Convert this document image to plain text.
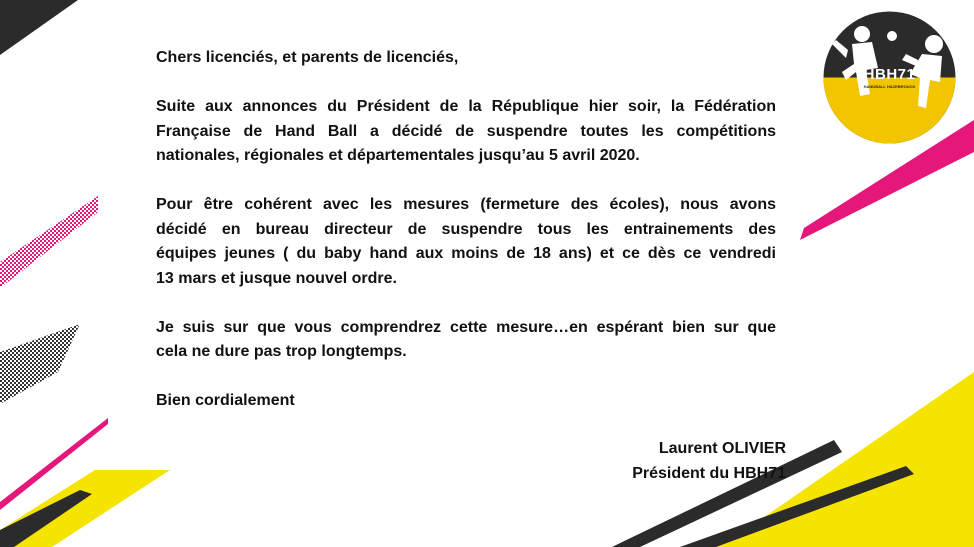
HBH71
HANDBALL HAZEBROUCK

Chers licenciés, et parents de licenciés,

Suite aux annonces du Président de la République hier soir, la Fédération
Française de Hand Ball a décidé de suspendre toutes les compétitions
nationales, régionales et départementales jusqu’au 5 avril 2020.

Pour être cohérent avec les mesures (fermeture des écoles), nous avons
décidé en bureau directeur de suspendre tous les entrainements des
équipes jeunes ( du baby hand aux moins de 18 ans) et ce dès ce vendredi
13 mars et jusque nouvel ordre.

Je suis sur que vous comprendrez cette mesure…en espérant bien sur que
cela ne dure pas trop longtemps.

Bien cordialement

Laurent OLIVIER
Président du HBH71
